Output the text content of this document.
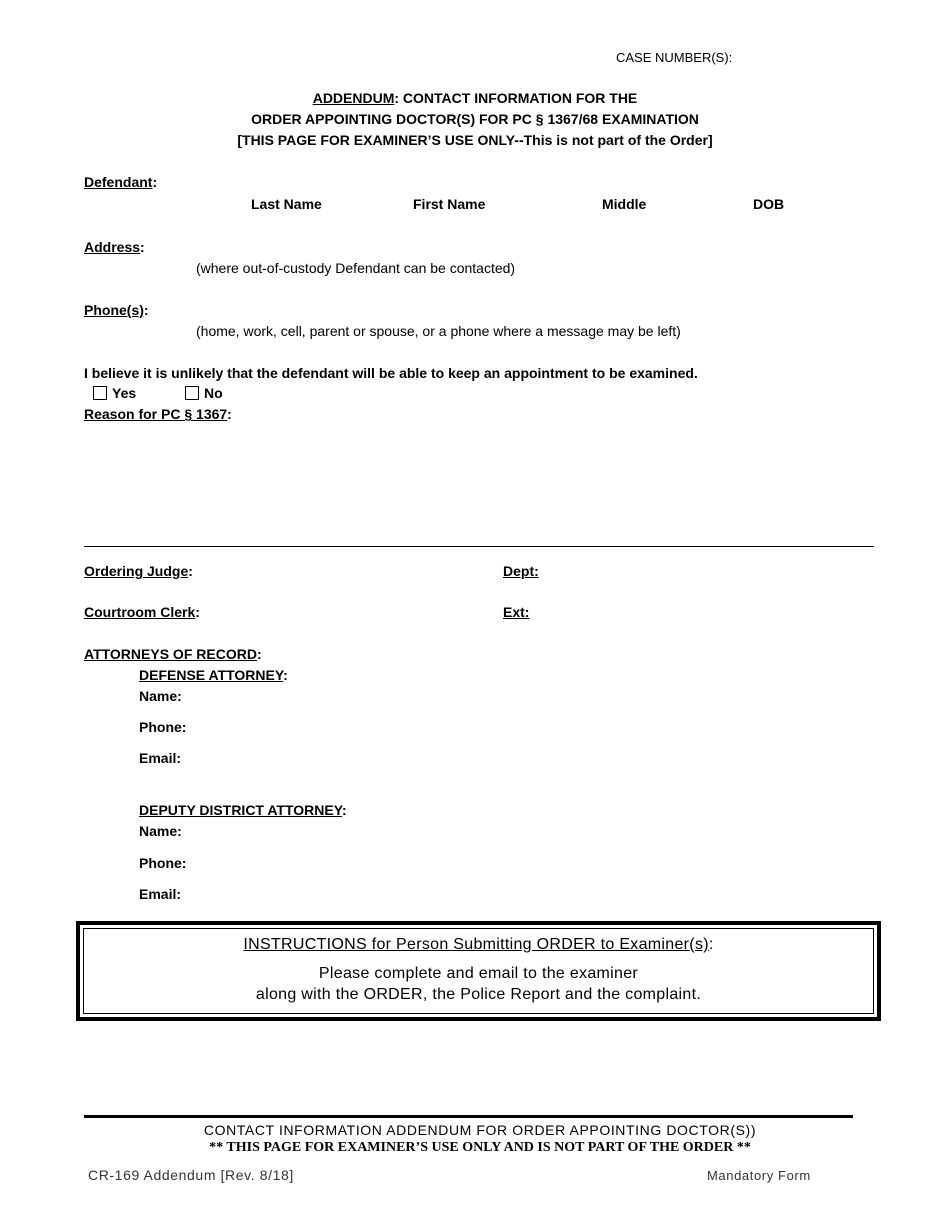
CASE NUMBER(S):
ADDENDUM: CONTACT INFORMATION FOR THE
ORDER APPOINTING DOCTOR(S) FOR PC § 1367/68 EXAMINATION
[THIS PAGE FOR EXAMINER’S USE ONLY--This is not part of the Order]
Defendant:
Last Name	First Name	Middle	DOB
Address:
(where out-of-custody Defendant can be contacted)
Phone(s):
(home, work, cell, parent or spouse, or a phone where a message may be left)
I believe it is unlikely that the defendant will be able to keep an appointment to be examined.
Yes	No
Reason for PC § 1367:
Ordering Judge:	Dept:
Courtroom Clerk:	Ext:
ATTORNEYS OF RECORD:
DEFENSE ATTORNEY:
Name:
Phone:
Email:
DEPUTY DISTRICT ATTORNEY:
Name:
Phone:
Email:
INSTRUCTIONS for Person Submitting ORDER to Examiner(s):
Please complete and email to the examiner
along with the ORDER, the Police Report and the complaint.
CONTACT INFORMATION ADDENDUM FOR ORDER APPOINTING DOCTOR(S))
** THIS PAGE FOR EXAMINER’S USE ONLY AND IS NOT PART OF THE ORDER **
CR-169 Addendum [Rev. 8/18]	Mandatory Form
